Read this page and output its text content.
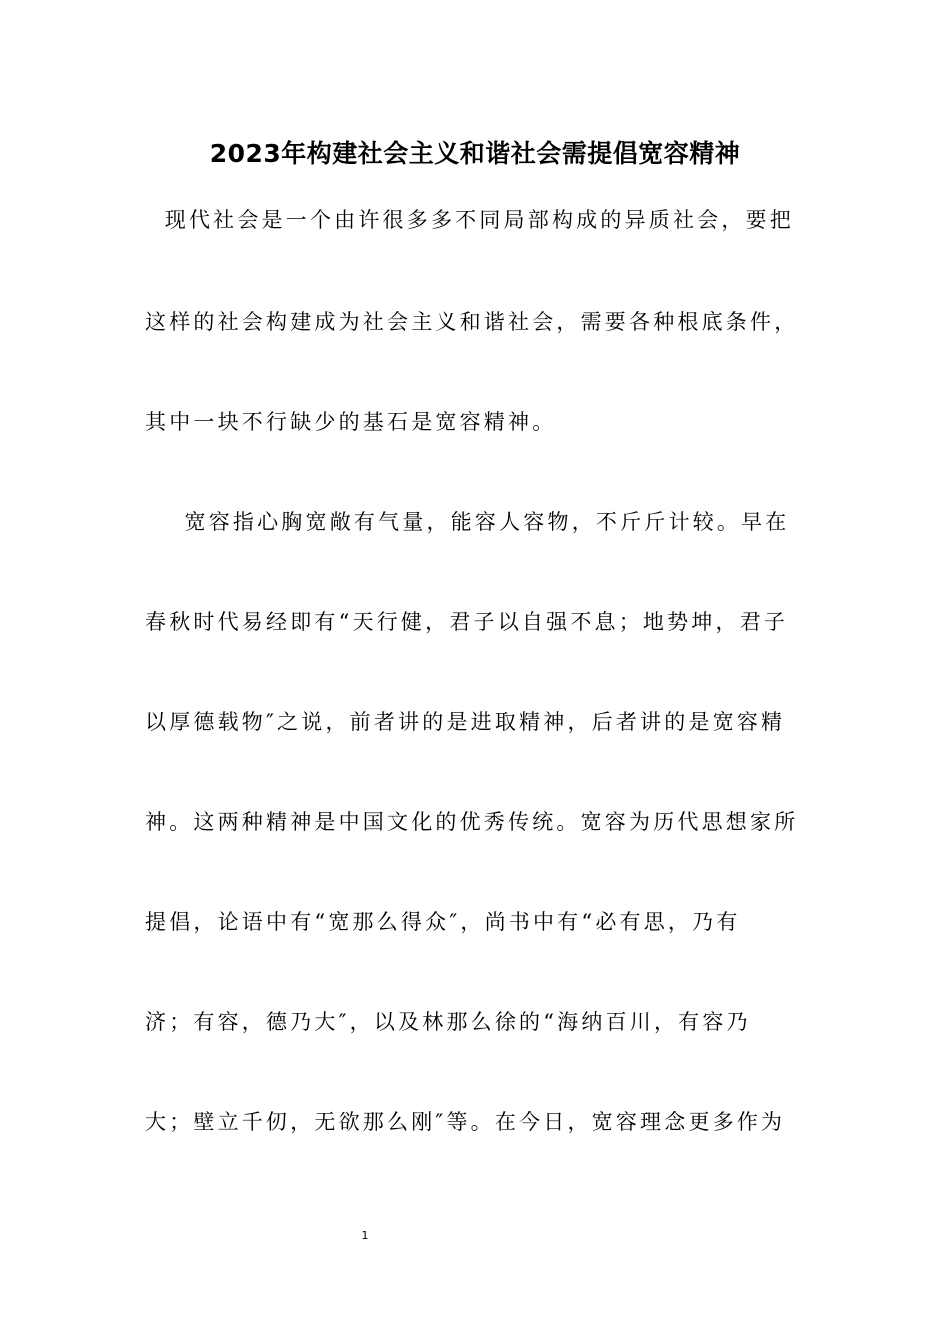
2023年构建社会主义和谐社会需提倡宽容精神
现代社会是一个由许很多多不同局部构成的异质社会，要把
这样的社会构建成为社会主义和谐社会，需要各种根底条件，
其中一块不行缺少的基石是宽容精神。
宽容指心胸宽敞有气量，能容人容物，不斤斤计较。早在
春秋时代易经即有“天行健，君子以自强不息；地势坤，君子
以厚德载物″之说，前者讲的是进取精神，后者讲的是宽容精
神。这两种精神是中国文化的优秀传统。宽容为历代思想家所
提倡，论语中有“宽那么得众″，尚书中有“必有思，乃有
济；有容，德乃大″，以及林那么徐的“海纳百川，有容乃
大；壁立千仞，无欲那么刚″等。在今日，宽容理念更多作为
1
